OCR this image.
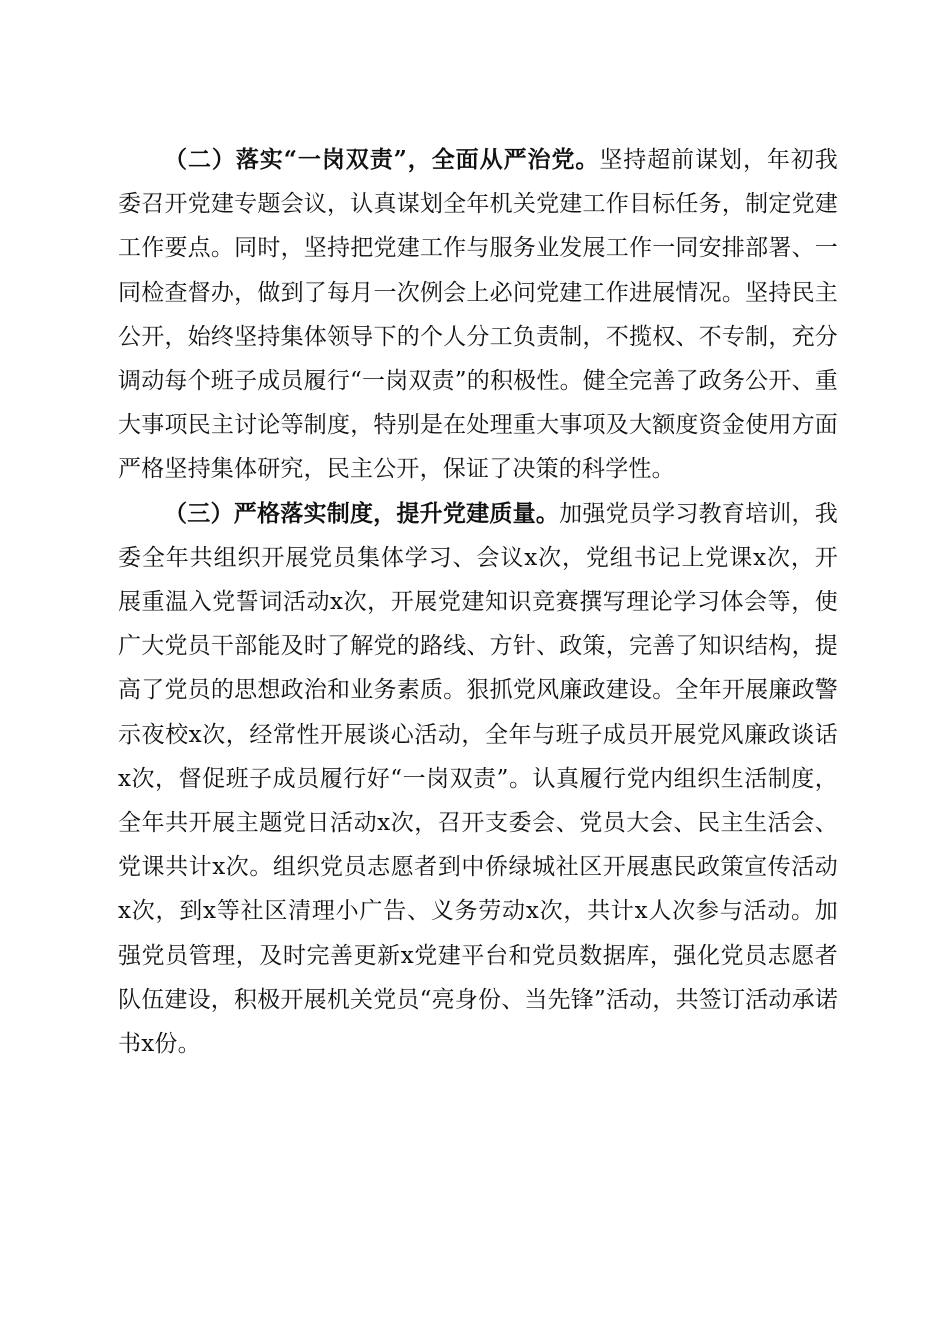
（二）落实“一岗双责”，全面从严治党。坚持超前谋划，年初我委召开党建专题会议，认真谋划全年机关党建工作目标任务，制定党建工作要点。同时，坚持把党建工作与服务业发展工作一同安排部署、一同检查督办，做到了每月一次例会上必问党建工作进展情况。坚持民主公开，始终坚持集体领导下的个人分工负责制，不揽权、不专制，充分调动每个班子成员履行“一岗双责”的积极性。健全完善了政务公开、重大事项民主讨论等制度，特别是在处理重大事项及大额度资金使用方面严格坚持集体研究，民主公开，保证了决策的科学性。

（三）严格落实制度，提升党建质量。加强党员学习教育培训，我委全年共组织开展党员集体学习、会议x次，党组书记上党课x次，开展重温入党誓词活动x次，开展党建知识竞赛撰写理论学习体会等，使广大党员干部能及时了解党的路线、方针、政策，完善了知识结构，提高了党员的思想政治和业务素质。狠抓党风廉政建设。全年开展廉政警示夜校x次，经常性开展谈心活动，全年与班子成员开展党风廉政谈话x次，督促班子成员履行好“一岗双责”。认真履行党内组织生活制度，全年共开展主题党日活动x次，召开支委会、党员大会、民主生活会、党课共计x次。组织党员志愿者到中侨绿城社区开展惠民政策宣传活动x次，到x等社区清理小广告、义务劳动x次，共计x人次参与活动。加强党员管理，及时完善更新x党建平台和党员数据库，强化党员志愿者队伍建设，积极开展机关党员“亮身份、当先锋”活动，共签订活动承诺书x份。
